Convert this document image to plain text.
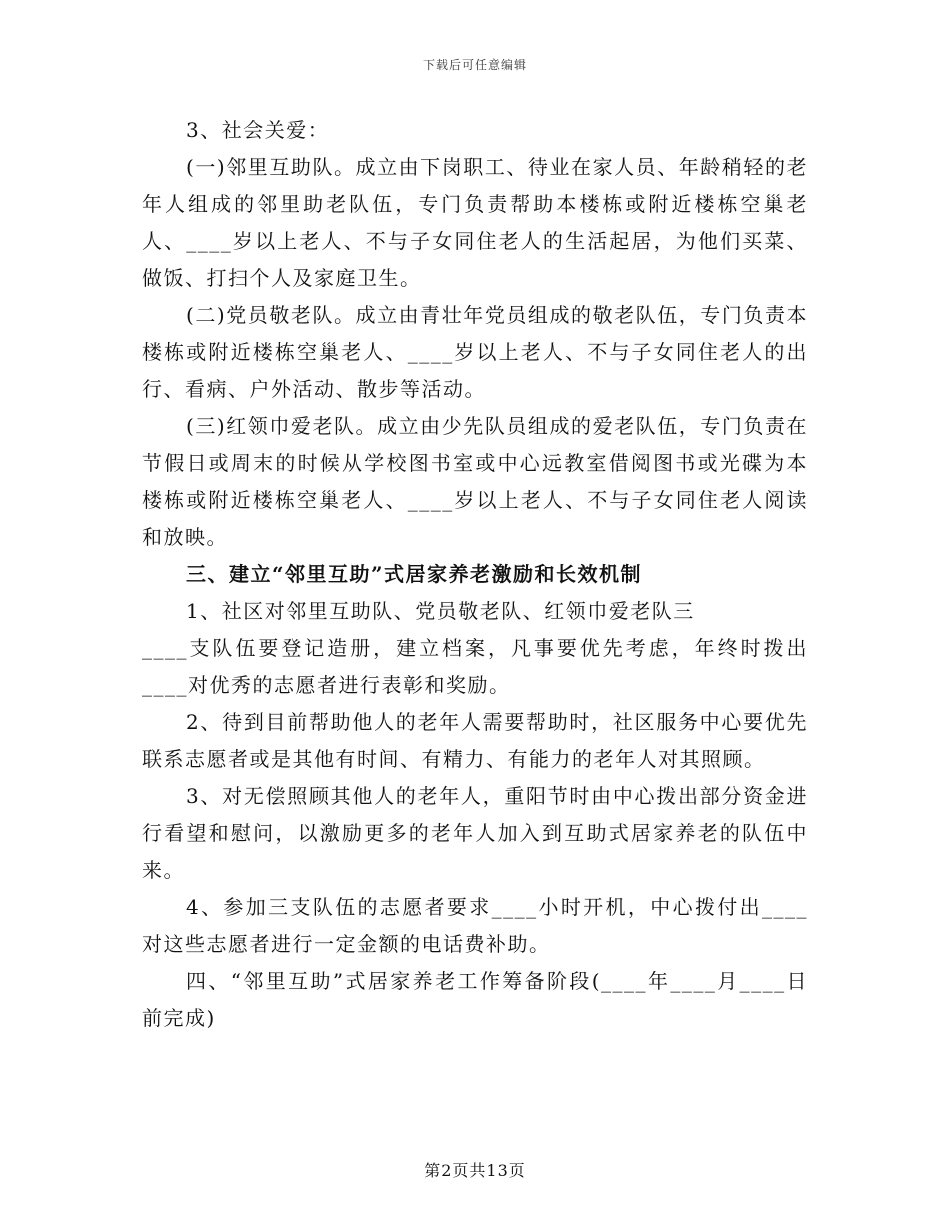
下载后可任意编辑

3、社会关爱：

(一)邻里互助队。成立由下岗职工、待业在家人员、年龄稍轻的老年人组成的邻里助老队伍，专门负责帮助本楼栋或附近楼栋空巢老人、____岁以上老人、不与子女同住老人的生活起居，为他们买菜、做饭、打扫个人及家庭卫生。

(二)党员敬老队。成立由青壮年党员组成的敬老队伍，专门负责本楼栋或附近楼栋空巢老人、____岁以上老人、不与子女同住老人的出行、看病、户外活动、散步等活动。

(三)红领巾爱老队。成立由少先队员组成的爱老队伍，专门负责在节假日或周末的时候从学校图书室或中心远教室借阅图书或光碟为本楼栋或附近楼栋空巢老人、____岁以上老人、不与子女同住老人阅读和放映。

三、建立“邻里互助”式居家养老激励和长效机制

1、社区对邻里互助队、党员敬老队、红领巾爱老队三

____支队伍要登记造册，建立档案，凡事要优先考虑，年终时拨出____对优秀的志愿者进行表彰和奖励。

2、待到目前帮助他人的老年人需要帮助时，社区服务中心要优先联系志愿者或是其他有时间、有精力、有能力的老年人对其照顾。

3、对无偿照顾其他人的老年人，重阳节时由中心拨出部分资金进行看望和慰问，以激励更多的老年人加入到互助式居家养老的队伍中来。

4、参加三支队伍的志愿者要求____小时开机，中心拨付出____对这些志愿者进行一定金额的电话费补助。

四、“邻里互助”式居家养老工作筹备阶段(____年____月____日前完成)

第2页共13页
